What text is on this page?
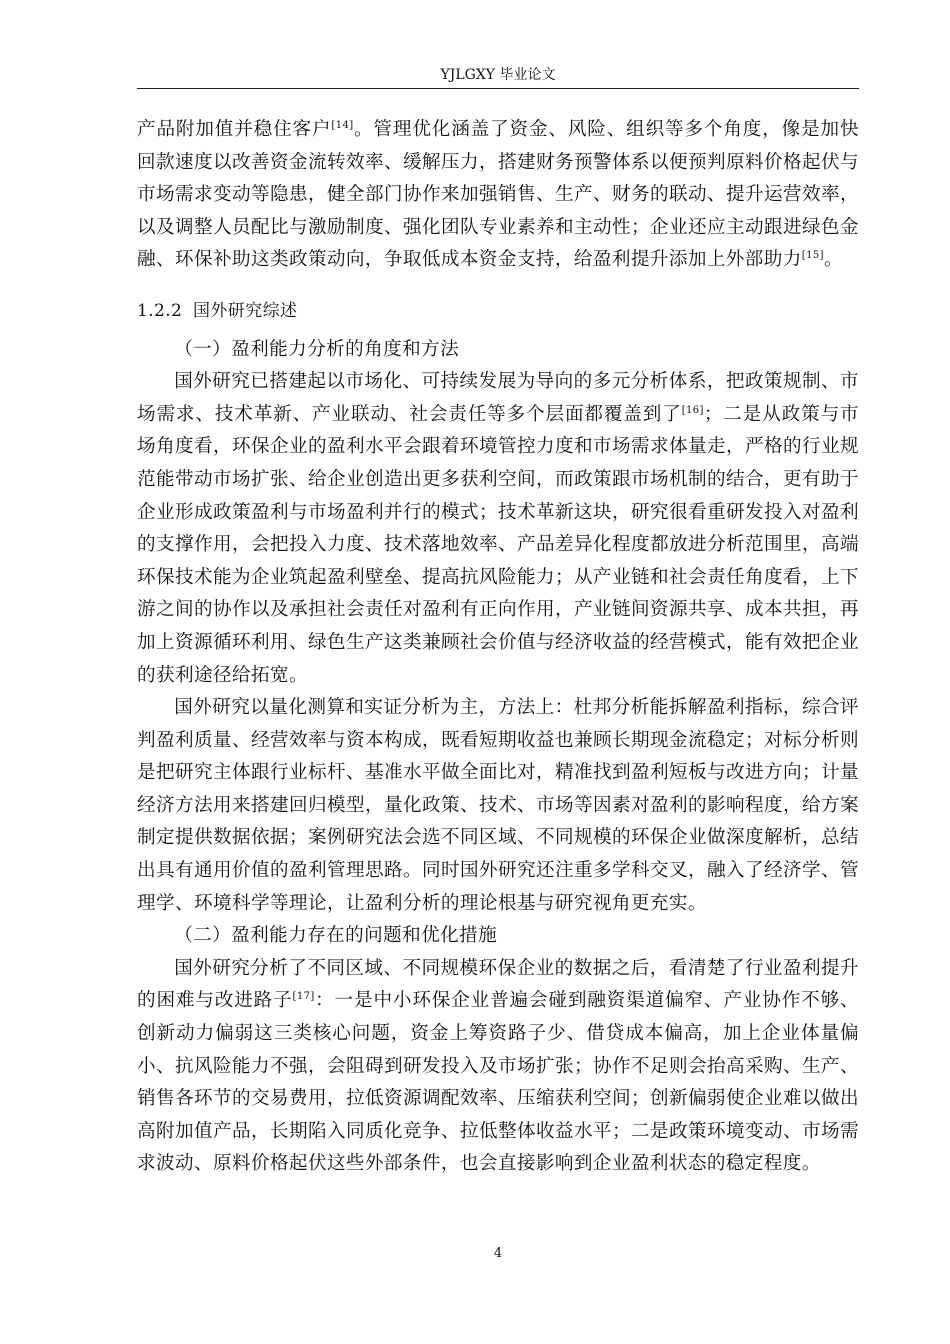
YJLGXY 毕业论文

产品附加值并稳住客户[14]。管理优化涵盖了资金、风险、组织等多个角度，像是加快回款速度以改善资金流转效率、缓解压力，搭建财务预警体系以便预判原料价格起伏与市场需求变动等隐患，健全部门协作来加强销售、生产、财务的联动、提升运营效率，以及调整人员配比与激励制度、强化团队专业素养和主动性；企业还应主动跟进绿色金融、环保补助这类政策动向，争取低成本资金支持，给盈利提升添加上外部助力[15]。

1.2.2 国外研究综述

（一）盈利能力分析的角度和方法

国外研究已搭建起以市场化、可持续发展为导向的多元分析体系，把政策规制、市场需求、技术革新、产业联动、社会责任等多个层面都覆盖到了[16]；二是从政策与市场角度看，环保企业的盈利水平会跟着环境管控力度和市场需求体量走，严格的行业规范能带动市场扩张、给企业创造出更多获利空间，而政策跟市场机制的结合，更有助于企业形成政策盈利与市场盈利并行的模式；技术革新这块，研究很看重研发投入对盈利的支撑作用，会把投入力度、技术落地效率、产品差异化程度都放进分析范围里，高端环保技术能为企业筑起盈利壁垒、提高抗风险能力；从产业链和社会责任角度看，上下游之间的协作以及承担社会责任对盈利有正向作用，产业链间资源共享、成本共担，再加上资源循环利用、绿色生产这类兼顾社会价值与经济收益的经营模式，能有效把企业的获利途径给拓宽。

国外研究以量化测算和实证分析为主，方法上：杜邦分析能拆解盈利指标，综合评判盈利质量、经营效率与资本构成，既看短期收益也兼顾长期现金流稳定；对标分析则是把研究主体跟行业标杆、基准水平做全面比对，精准找到盈利短板与改进方向；计量经济方法用来搭建回归模型，量化政策、技术、市场等因素对盈利的影响程度，给方案制定提供数据依据；案例研究法会选不同区域、不同规模的环保企业做深度解析，总结出具有通用价值的盈利管理思路。同时国外研究还注重多学科交叉，融入了经济学、管理学、环境科学等理论，让盈利分析的理论根基与研究视角更充实。

（二）盈利能力存在的问题和优化措施

国外研究分析了不同区域、不同规模环保企业的数据之后，看清楚了行业盈利提升的困难与改进路子[17]：一是中小环保企业普遍会碰到融资渠道偏窄、产业协作不够、创新动力偏弱这三类核心问题，资金上筹资路子少、借贷成本偏高，加上企业体量偏小、抗风险能力不强，会阻碍到研发投入及市场扩张；协作不足则会抬高采购、生产、销售各环节的交易费用，拉低资源调配效率、压缩获利空间；创新偏弱使企业难以做出高附加值产品，长期陷入同质化竞争、拉低整体收益水平；二是政策环境变动、市场需求波动、原料价格起伏这些外部条件，也会直接影响到企业盈利状态的稳定程度。

4
